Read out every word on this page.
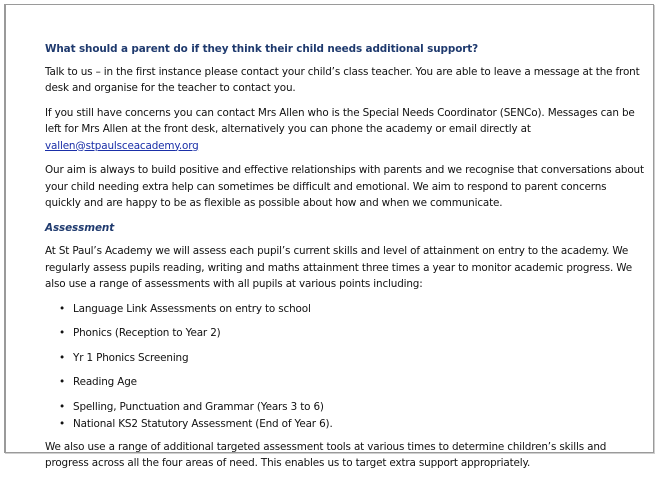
What should a parent do if they think their child needs additional support?

Talk to us – in the first instance please contact your child’s class teacher. You are able to leave a message at the front desk and organise for the teacher to contact you.

If you still have concerns you can contact Mrs Allen who is the Special Needs Coordinator (SENCo). Messages can be left for Mrs Allen at the front desk, alternatively you can phone the academy or email directly at vallen@stpaulsceacademy.org

Our aim is always to build positive and effective relationships with parents and we recognise that conversations about your child needing extra help can sometimes be difficult and emotional. We aim to respond to parent concerns quickly and are happy to be as flexible as possible about how and when we communicate.

Assessment

At St Paul’s Academy we will assess each pupil’s current skills and level of attainment on entry to the academy. We regularly assess pupils reading, writing and maths attainment three times a year to monitor academic progress. We also use a range of assessments with all pupils at various points including:

• Language Link Assessments on entry to school
• Phonics (Reception to Year 2)
• Yr 1 Phonics Screening
• Reading Age
• Spelling, Punctuation and Grammar (Years 3 to 6)
• National KS2 Statutory Assessment (End of Year 6).

We also use a range of additional targeted assessment tools at various times to determine children’s skills and progress across all the four areas of need. This enables us to target extra support appropriately.
